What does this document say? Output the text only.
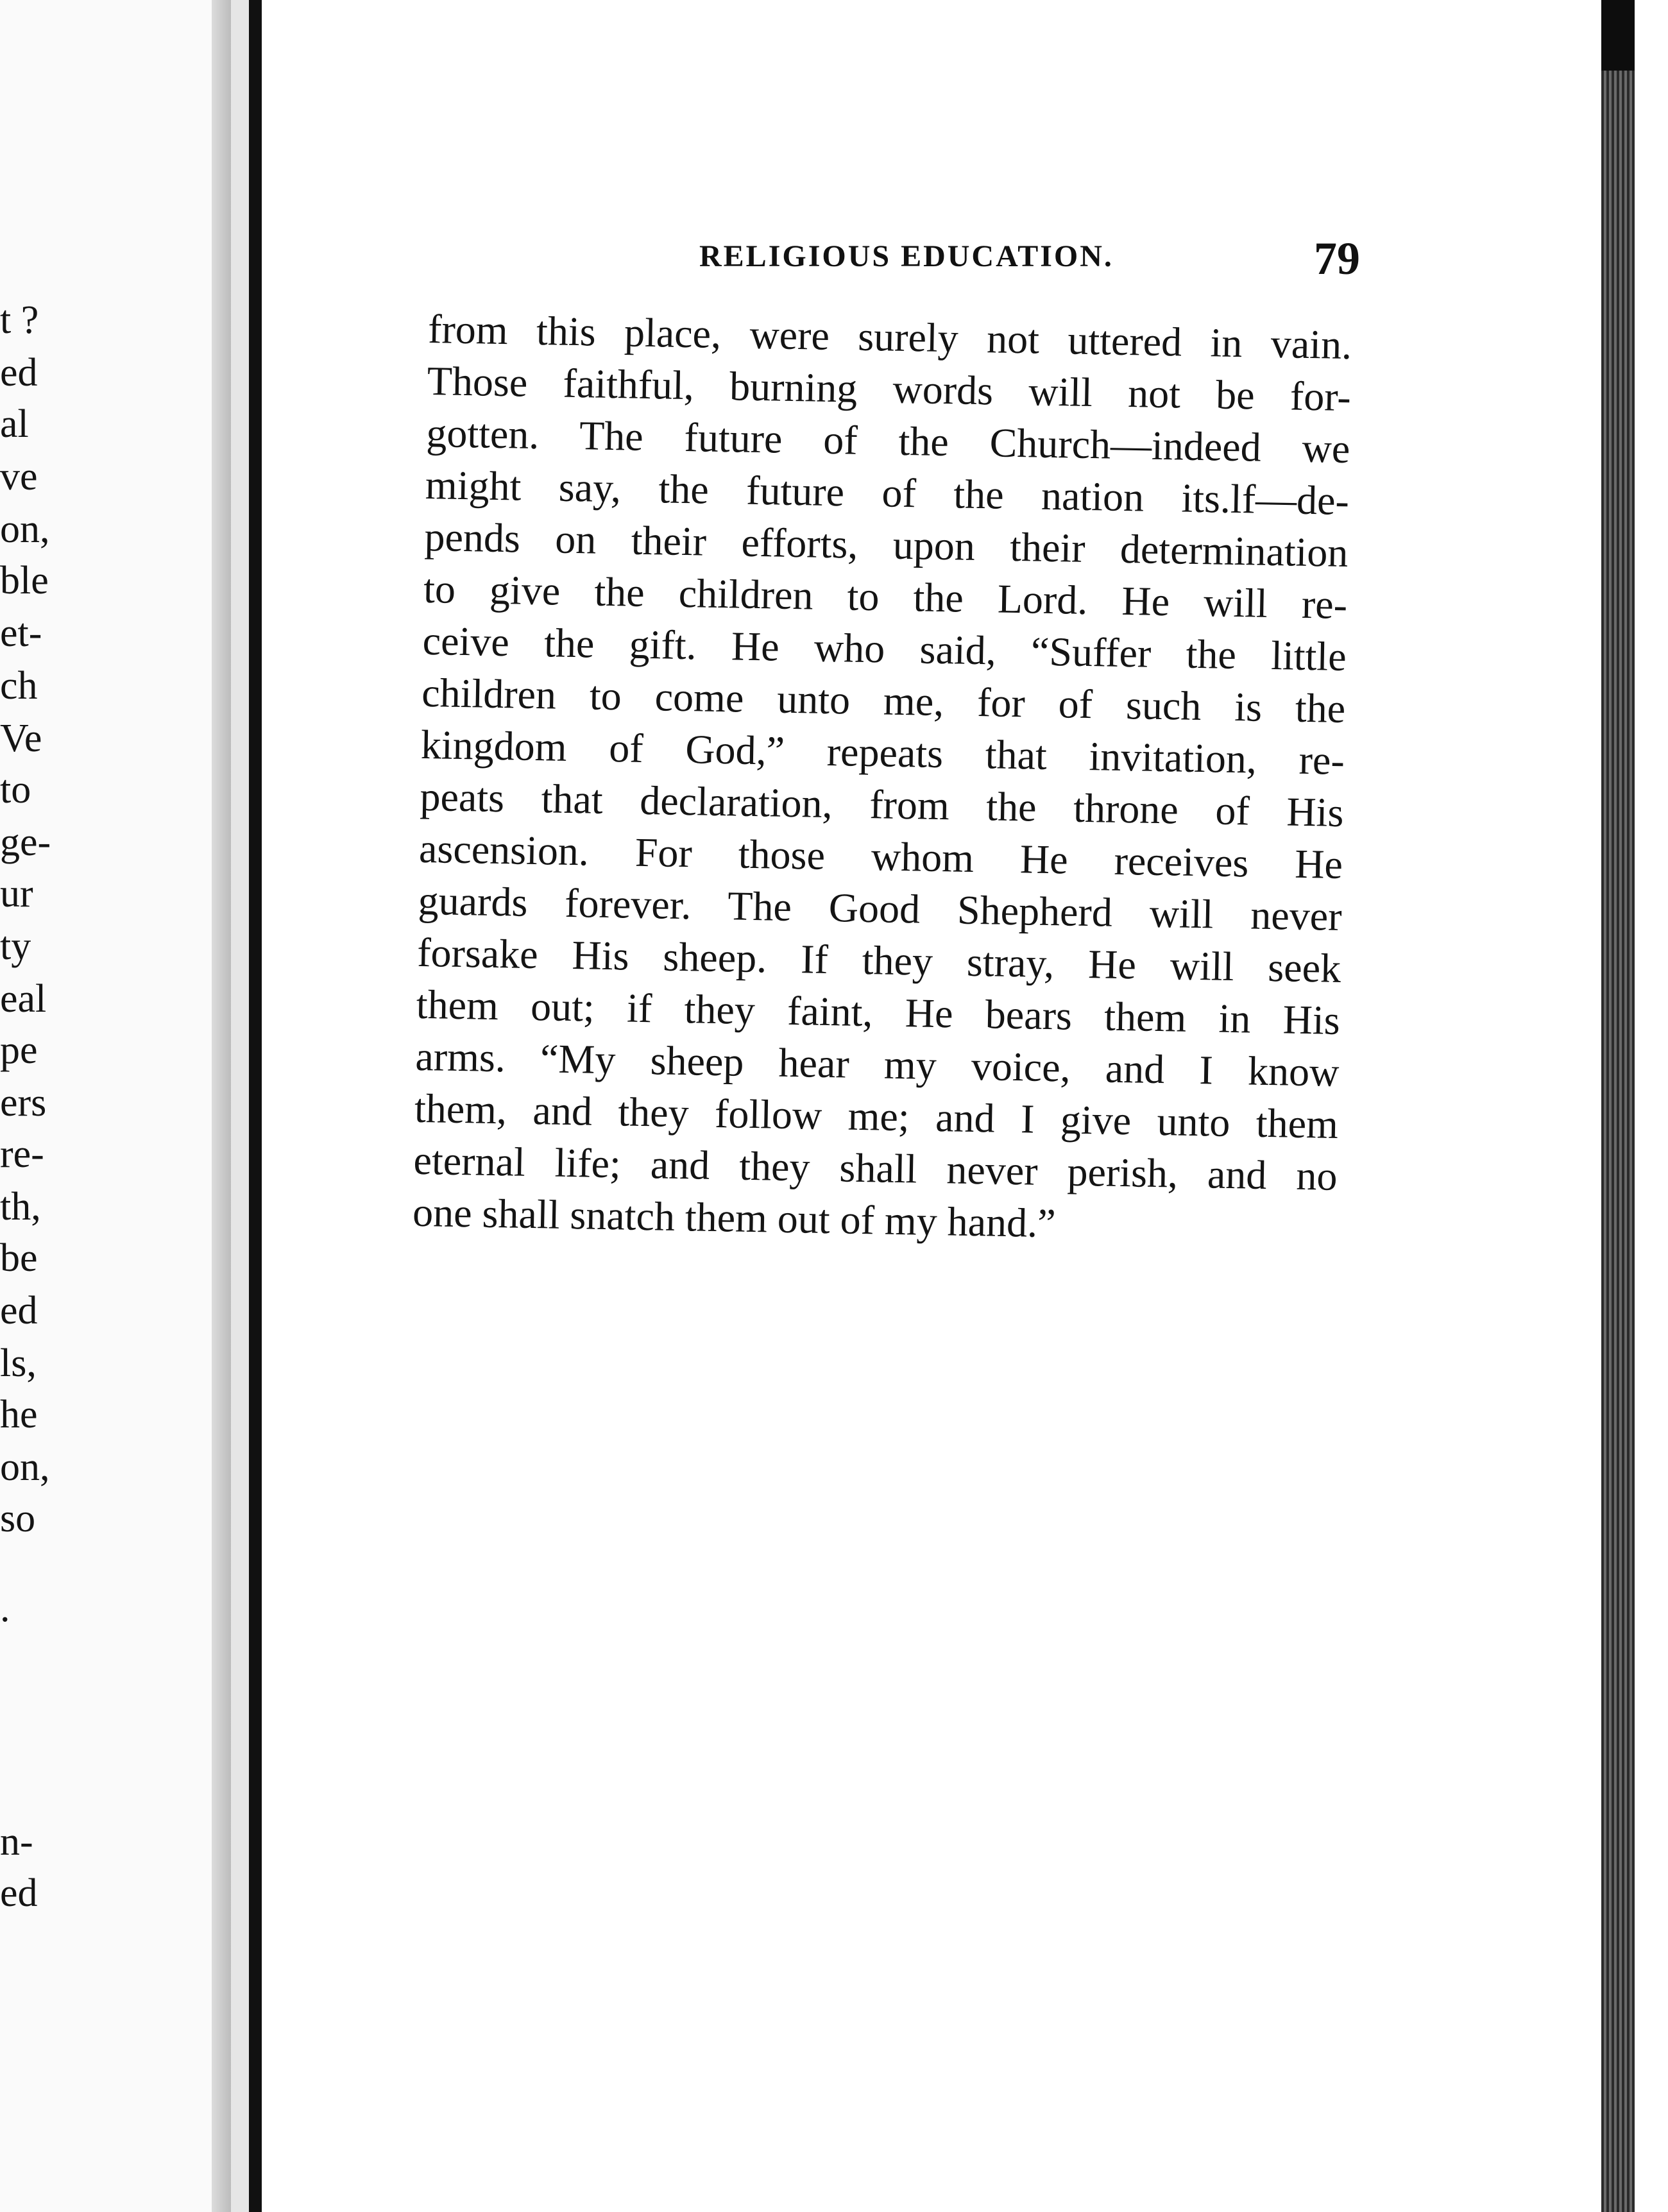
t ?
ed
al
ve
on,
ble
et-
ch
Ve
to
ge-
ur
ty
eal
pe
ers
re-
th,
be
ed
ls,
he
on,
so
.
n-
ed
RELIGIOUS EDUCATION.	79
from this place, were surely not uttered in vain.
Those faithful, burning words will not be for-
gotten. The future of the Church—indeed we
might say, the future of the nation its.lf—de-
pends on their efforts, upon their determination
to give the children to the Lord. He will re-
ceive the gift. He who said, “Suffer the little
children to come unto me, for of such is the
kingdom of God,” repeats that invitation, re-
peats that declaration, from the throne of His
ascension. For those whom He receives He
guards forever. The Good Shepherd will never
forsake His sheep. If they stray, He will seek
them out; if they faint, He bears them in His
arms. “My sheep hear my voice, and I know
them, and they follow me; and I give unto them
eternal life; and they shall never perish, and no
one shall snatch them out of my hand.”
